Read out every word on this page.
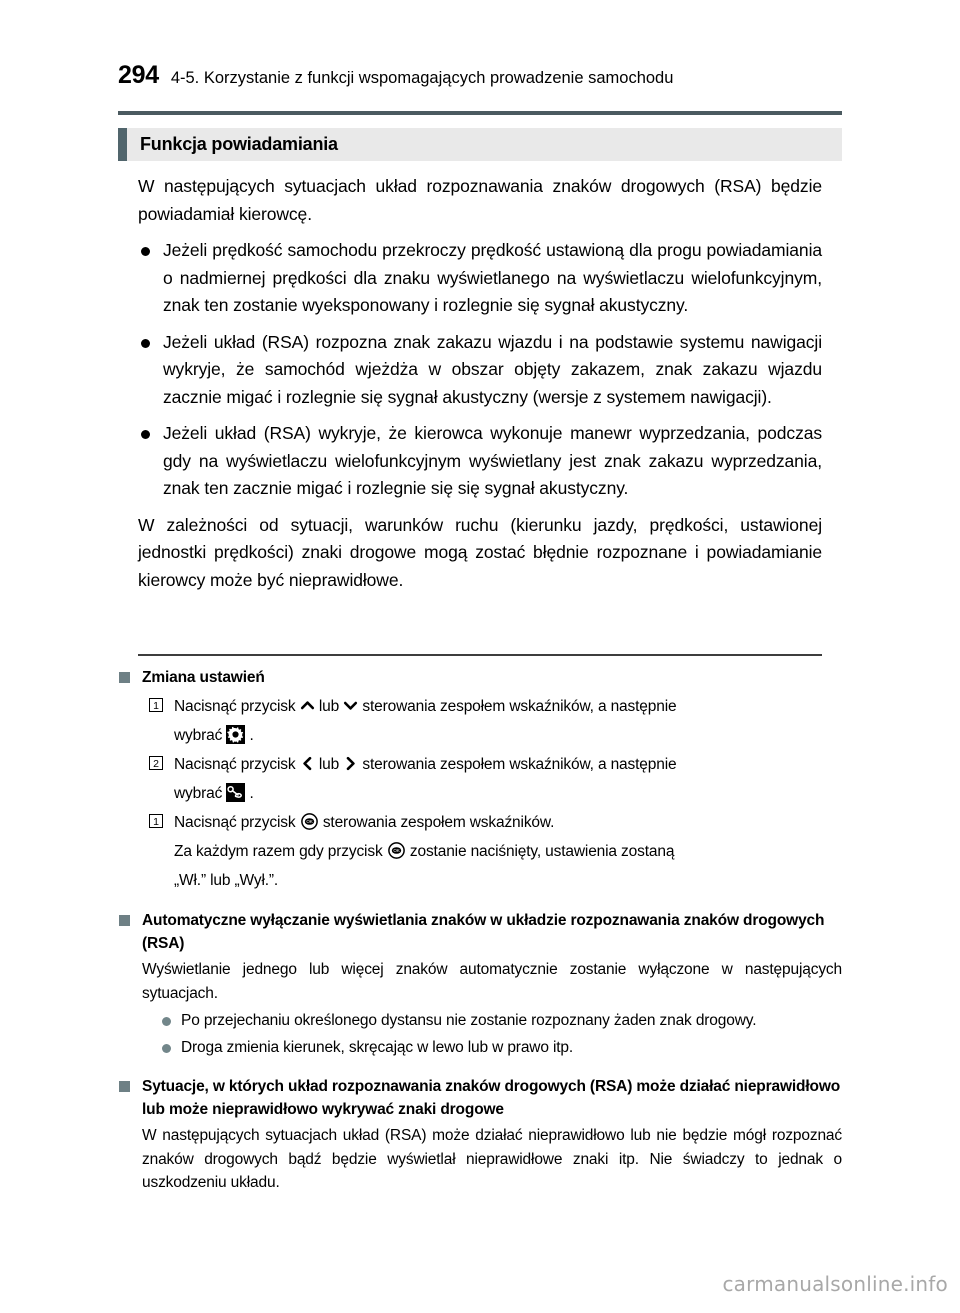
294 4-5. Korzystanie z funkcji wspomagających prowadzenie samochodu
Funkcja powiadamiania

W następujących sytuacjach układ rozpoznawania znaków drogowych (RSA) będzie powiadamiał kierowcę.

Jeżeli prędkość samochodu przekroczy prędkość ustawioną dla progu powiadamiania o nadmiernej prędkości dla znaku wyświetlanego na wyświetlaczu wielofunkcyjnym, znak ten zostanie wyeksponowany i rozlegnie się sygnał akustyczny.
Jeżeli układ (RSA) rozpozna znak zakazu wjazdu i na podstawie systemu nawigacji wykryje, że samochód wjeżdża w obszar objęty zakazem, znak zakazu wjazdu zacznie migać i rozlegnie się sygnał akustyczny (wersje z systemem nawigacji).
Jeżeli układ (RSA) wykryje, że kierowca wykonuje manewr wyprzedzania, podczas gdy na wyświetlaczu wielofunkcyjnym wyświetlany jest znak zakazu wyprzedzania, znak ten zacznie migać i rozlegnie się się sygnał akustyczny.

W zależności od sytuacji, warunków ruchu (kierunku jazdy, prędkości, ustawionej jednostki prędkości) znaki drogowe mogą zostać błędnie rozpoznane i powiadamianie kierowcy może być nieprawidłowe.

Zmiana ustawień
1 Nacisnąć przycisk lub sterowania zespołem wskaźników, a następnie
wybrać .
2 Nacisnąć przycisk lub sterowania zespołem wskaźników, a następnie
wybrać .
1 Nacisnąć przycisk OK sterowania zespołem wskaźników.
Za każdym razem gdy przycisk OK zostanie naciśnięty, ustawienia zostaną
„Wł.” lub „Wył.”.
Automatyczne wyłączanie wyświetlania znaków w układzie rozpoznawania znaków drogowych (RSA)

Wyświetlanie jednego lub więcej znaków automatycznie zostanie wyłączone w następujących sytuacjach.

Po przejechaniu określonego dystansu nie zostanie rozpoznany żaden znak drogowy.
Droga zmienia kierunek, skręcając w lewo lub w prawo itp.
Sytuacje, w których układ rozpoznawania znaków drogowych (RSA) może działać nieprawidłowo lub może nieprawidłowo wykrywać znaki drogowe

W następujących sytuacjach układ (RSA) może działać nieprawidłowo lub nie będzie mógł rozpoznać znaków drogowych bądź będzie wyświetlał nieprawidłowe znaki itp. Nie świadczy to jednak o uszkodzeniu układu.

carmanualsonline.info
